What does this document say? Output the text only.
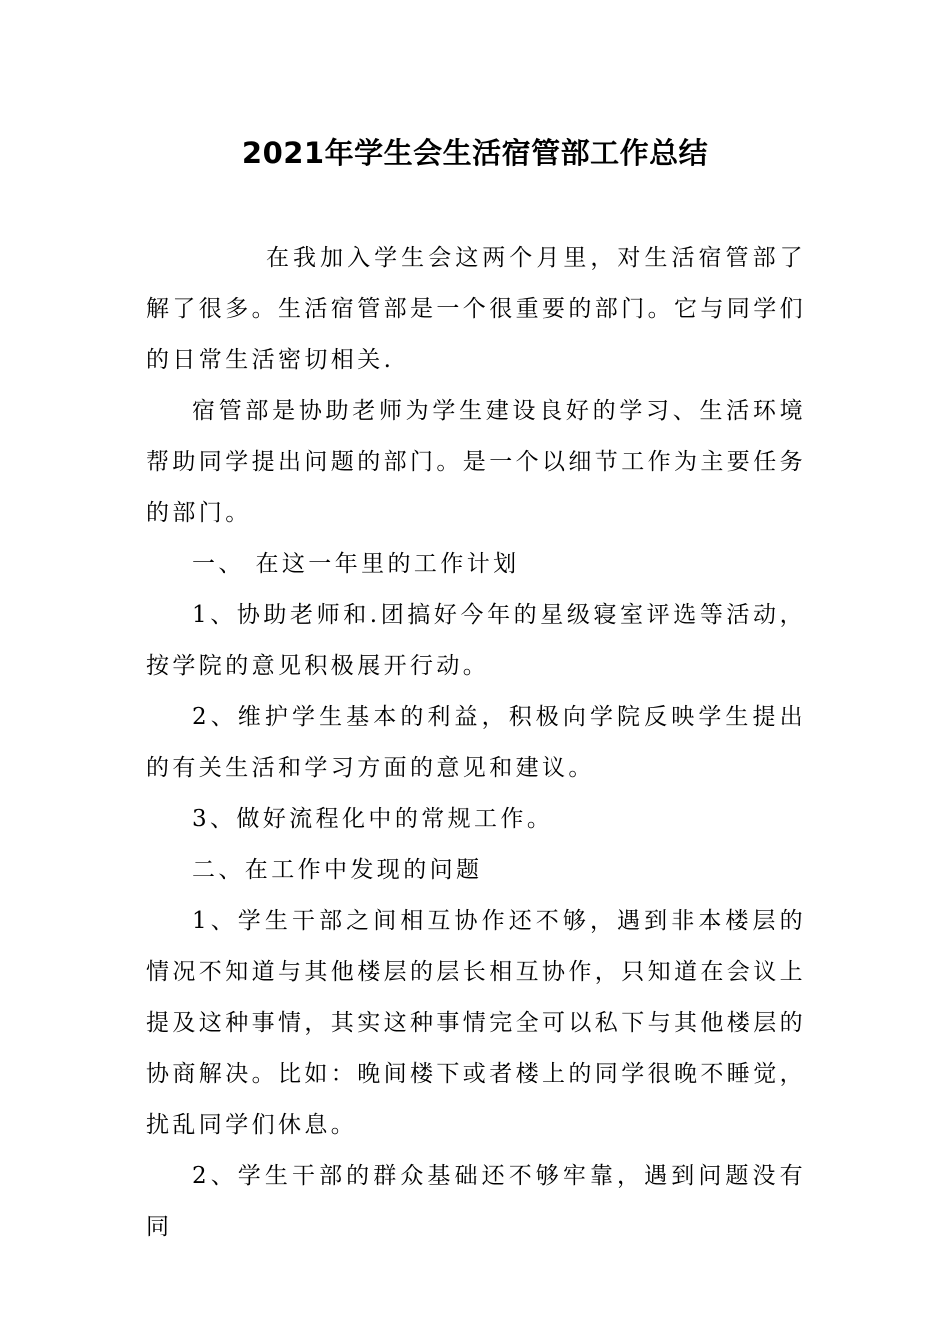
2021年学生会生活宿管部工作总结

在我加入学生会这两个月里，对生活宿管部了解了很多。生活宿管部是一个很重要的部门。它与同学们的日常生活密切相关.

宿管部是协助老师为学生建设良好的学习、生活环境帮助同学提出问题的部门。是一个以细节工作为主要任务的部门。

一、 在这一年里的工作计划

1、协助老师和.团搞好今年的星级寝室评选等活动，按学院的意见积极展开行动。

2、维护学生基本的利益，积极向学院反映学生提出的有关生活和学习方面的意见和建议。

3、做好流程化中的常规工作。

二、在工作中发现的问题

1、学生干部之间相互协作还不够，遇到非本楼层的情况不知道与其他楼层的层长相互协作，只知道在会议上提及这种事情，其实这种事情完全可以私下与其他楼层的协商解决。比如：晚间楼下或者楼上的同学很晚不睡觉，扰乱同学们休息。

2、学生干部的群众基础还不够牢靠，遇到问题没有同
